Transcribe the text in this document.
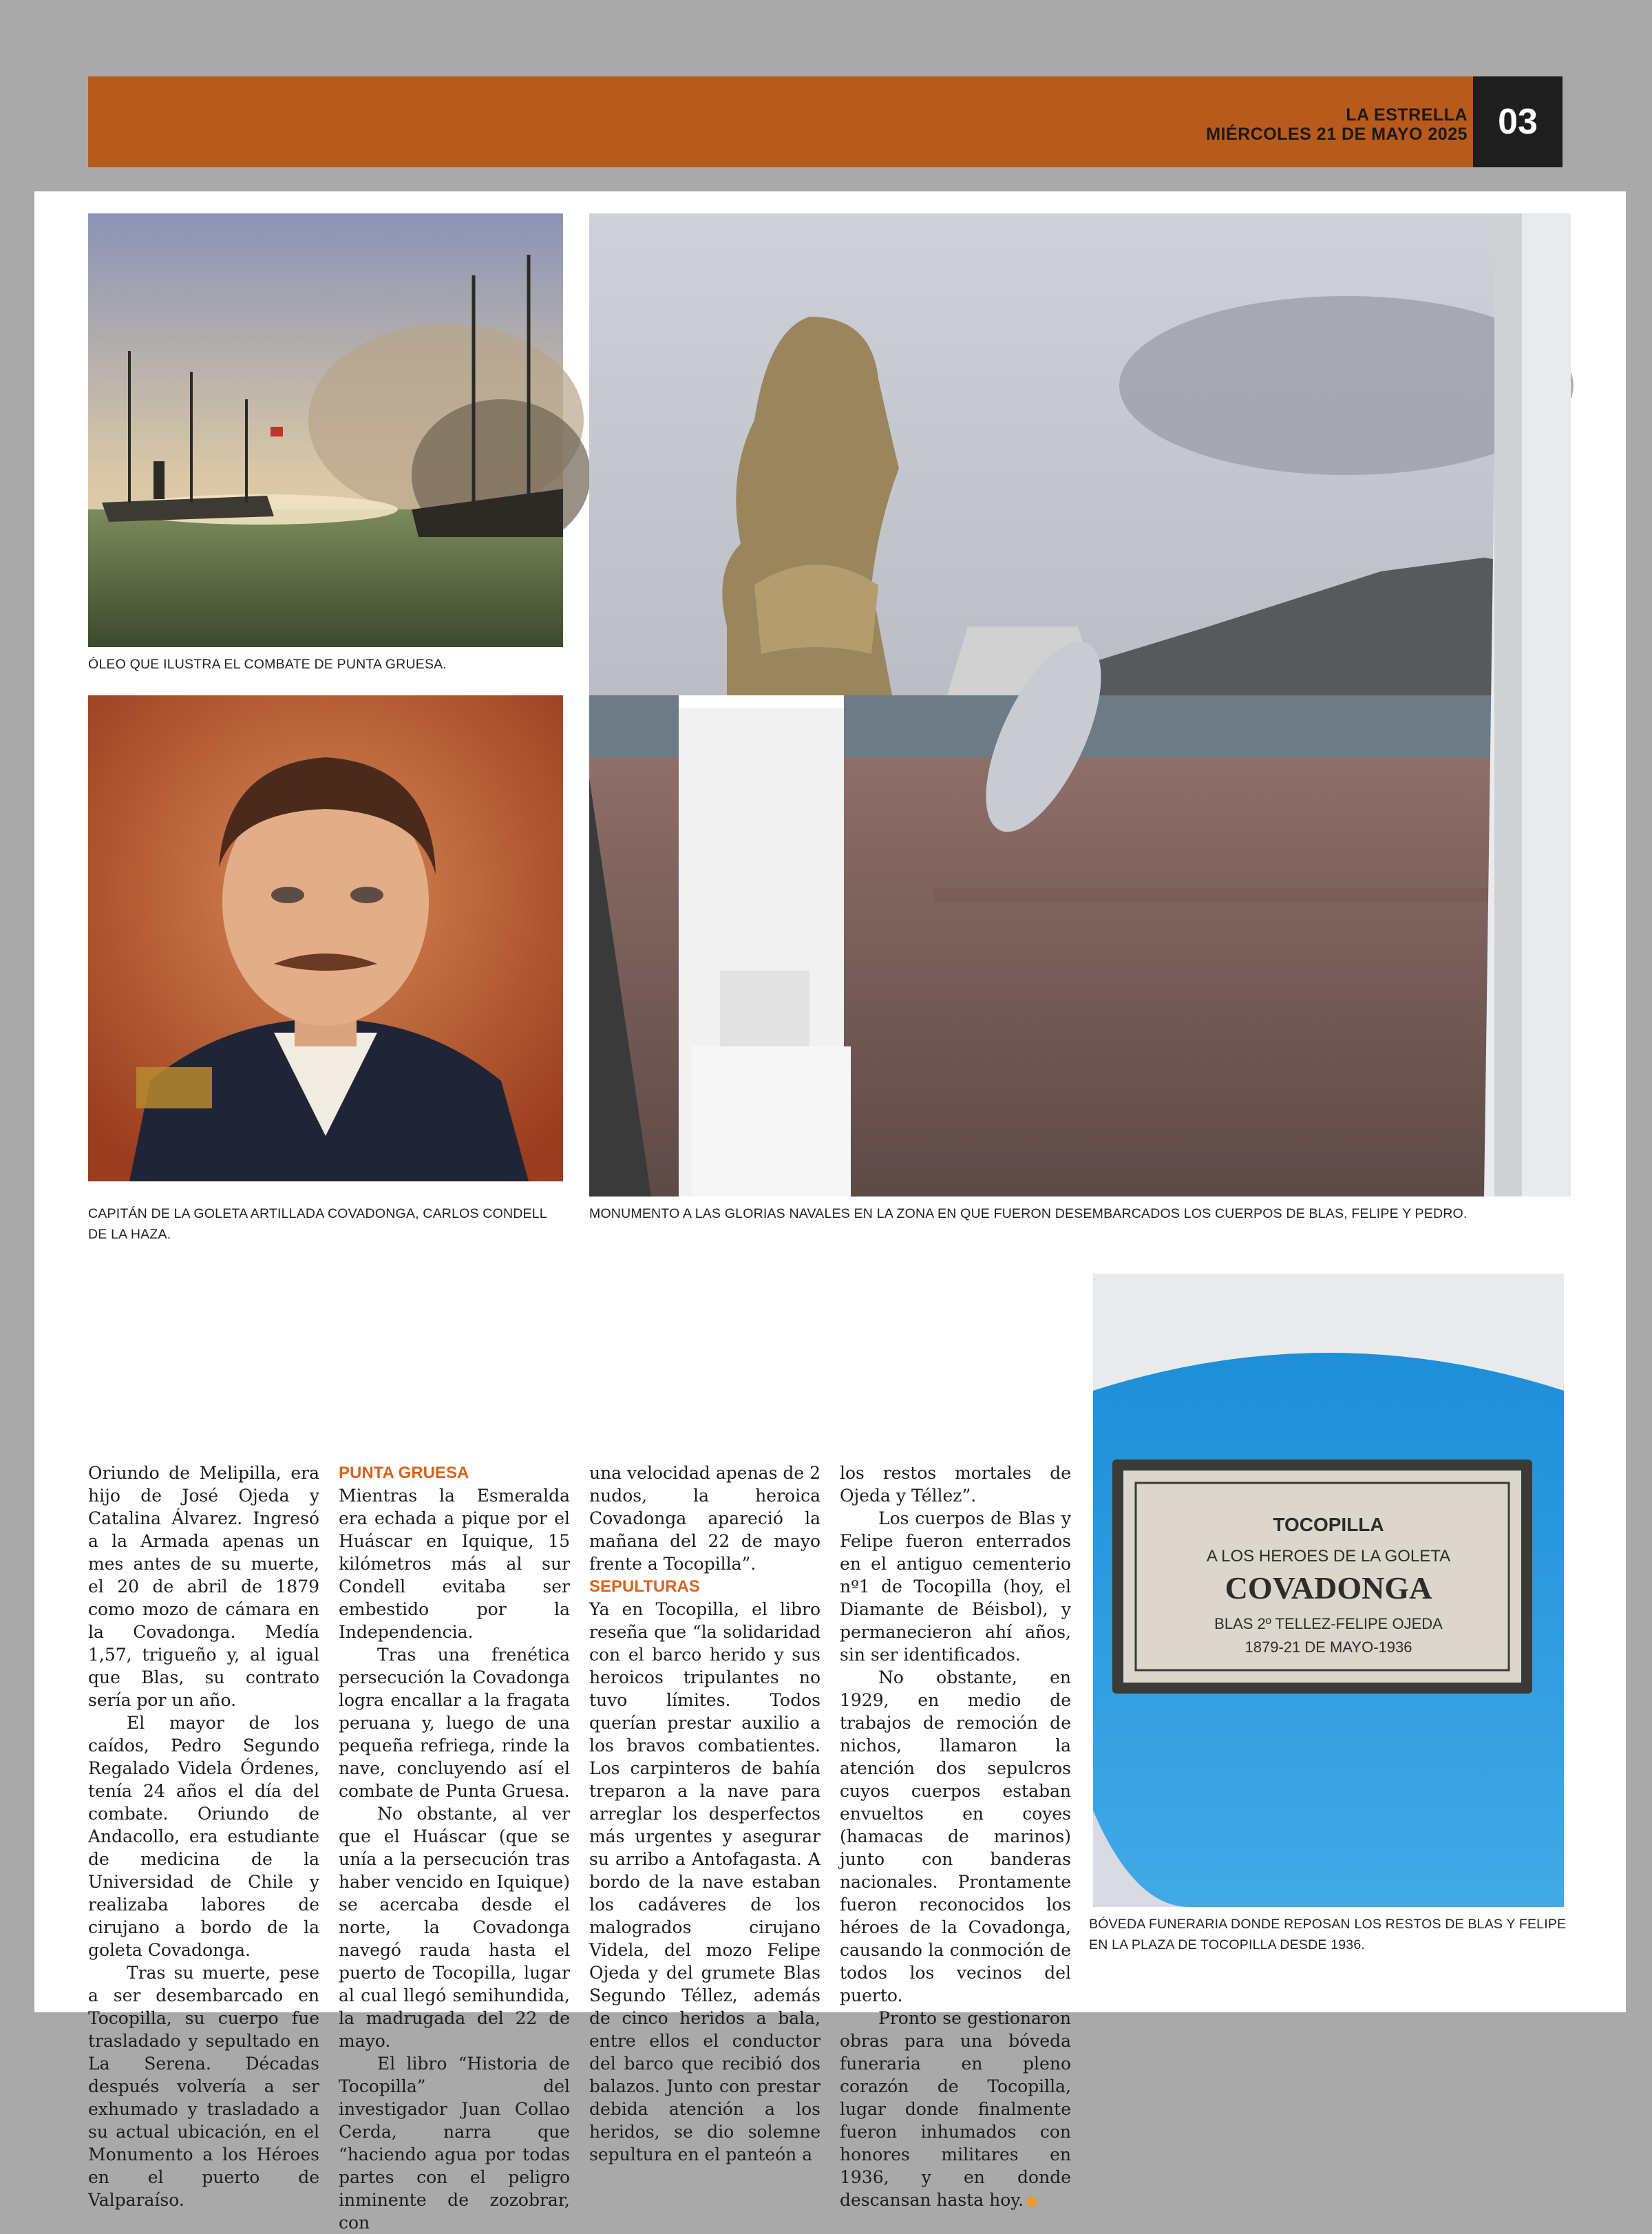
LA ESTRELLA
MIÉRCOLES 21 DE MAYO 2025 03
ÓLEO QUE ILUSTRA EL COMBATE DE PUNTA GRUESA.
CAPITÁN DE LA GOLETA ARTILLADA COVADONGA, CARLOS CONDELL DE LA HAZA.
MONUMENTO A LAS GLORIAS NAVALES EN LA ZONA EN QUE FUERON DESEMBARCADOS LOS CUERPOS DE BLAS, FELIPE Y PEDRO.

Oriundo de Melipilla, era hijo de José Ojeda y Catalina Álvarez. Ingresó a la Armada apenas un mes antes de su muerte, el 20 de abril de 1879 como mozo de cámara en la Covadonga. Medía 1,57, trigueño y, al igual que Blas, su contrato sería por un año.

El mayor de los caídos, Pedro Segundo Regalado Videla Órdenes, tenía 24 años el día del combate. Oriundo de Andacollo, era estudiante de medicina de la Universidad de Chile y realizaba labores de cirujano a bordo de la goleta Covadonga.

Tras su muerte, pese a ser desembarcado en Tocopilla, su cuerpo fue trasladado y sepultado en La Serena. Décadas después volvería a ser exhumado y trasladado a su actual ubicación, en el Monumento a los Héroes en el puerto de Valparaíso.

PUNTA GRUESA

Mientras la Esmeralda era echada a pique por el Huáscar en Iquique, 15 kilómetros más al sur Condell evitaba ser embestido por la Independencia.

Tras una frenética persecución la Covadonga logra encallar a la fragata peruana y, luego de una pequeña refriega, rinde la nave, concluyendo así el combate de Punta Gruesa.

No obstante, al ver que el Huáscar (que se unía a la persecución tras haber vencido en Iquique) se acercaba desde el norte, la Covadonga navegó rauda hasta el puerto de Tocopilla, lugar al cual llegó semihundida, la madrugada del 22 de mayo.

El libro “Historia de Tocopilla” del investigador Juan Collao Cerda, narra que “haciendo agua por todas partes con el peligro inminente de zozobrar, con

una velocidad apenas de 2 nudos, la heroica Covadonga apareció la mañana del 22 de mayo frente a Tocopilla”.

SEPULTURAS

Ya en Tocopilla, el libro reseña que “la solidaridad con el barco herido y sus heroicos tripulantes no tuvo límites. Todos querían prestar auxilio a los bravos combatientes. Los carpinteros de bahía treparon a la nave para arreglar los desperfectos más urgentes y asegurar su arribo a Antofagasta. A bordo de la nave estaban los cadáveres de los malogrados cirujano Videla, del mozo Felipe Ojeda y del grumete Blas Segundo Téllez, además de cinco heridos a bala, entre ellos el conductor del barco que recibió dos balazos. Junto con prestar debida atención a los heridos, se dio solemne sepultura en el panteón a

los restos mortales de Ojeda y Téllez”.

Los cuerpos de Blas y Felipe fueron enterrados en el antiguo cementerio nº1 de Tocopilla (hoy, el Diamante de Béisbol), y permanecieron ahí años, sin ser identificados.

No obstante, en 1929, en medio de trabajos de remoción de nichos, llamaron la atención dos sepulcros cuyos cuerpos estaban envueltos en coyes (hamacas de marinos) junto con banderas nacionales. Prontamente fueron reconocidos los héroes de la Covadonga, causando la conmoción de todos los vecinos del puerto.

Pronto se gestionaron obras para una bóveda funeraria en pleno corazón de Tocopilla, lugar donde finalmente fueron inhumados con honores militares en 1936, y en donde descansan hasta hoy.

TOCOPILLA
A LOS HEROES DE LA GOLETA
COVADONGA
BLAS 2º TELLEZ-FELIPE OJEDA
1879-21 DE MAYO-1936
BÓVEDA FUNERARIA DONDE REPOSAN LOS RESTOS DE BLAS Y FELIPE EN LA PLAZA DE TOCOPILLA DESDE 1936.
